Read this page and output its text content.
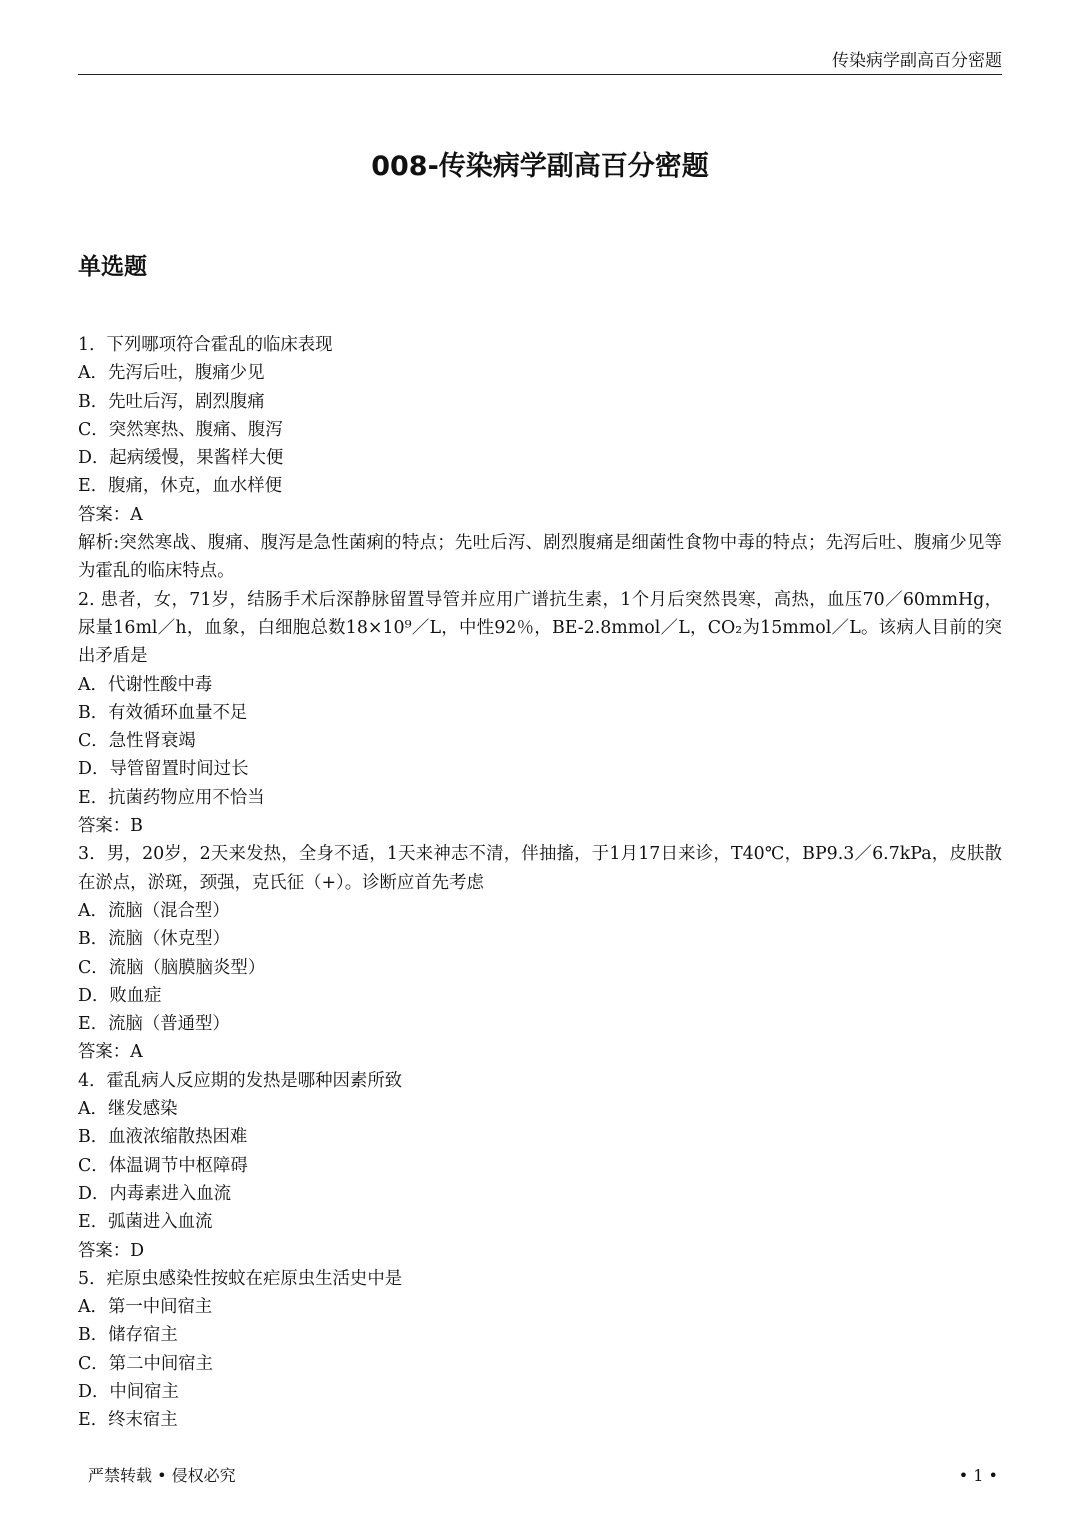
传染病学副高百分密题
008-传染病学副高百分密题
单选题

1．下列哪项符合霍乱的临床表现

A．先泻后吐，腹痛少见

B．先吐后泻，剧烈腹痛

C．突然寒热、腹痛、腹泻

D．起病缓慢，果酱样大便

E．腹痛，休克，血水样便

答案：A

解析:突然寒战、腹痛、腹泻是急性菌痢的特点；先吐后泻、剧烈腹痛是细菌性食物中毒的特点；先泻后吐、腹痛少见等为霍乱的临床特点。

2. 患者，女，71岁，结肠手术后深静脉留置导管并应用广谱抗生素，1个月后突然畏寒，高热，血压70／60mmHg，尿量16ml／h，血象，白细胞总数18×10⁹／L，中性92％，BE-2.8mmol／L，CO₂为15mmol／L。该病人目前的突出矛盾是

A．代谢性酸中毒

B．有效循环血量不足

C．急性肾衰竭

D．导管留置时间过长

E．抗菌药物应用不恰当

答案：B

3．男，20岁，2天来发热，全身不适，1天来神志不清，伴抽搐，于1月17日来诊，T40℃，BP9.3／6.7kPa，皮肤散在淤点，淤斑，颈强，克氏征（+）。诊断应首先考虑

A．流脑（混合型）

B．流脑（休克型）

C．流脑（脑膜脑炎型）

D．败血症

E．流脑（普通型）

答案：A

4．霍乱病人反应期的发热是哪种因素所致

A．继发感染

B．血液浓缩散热困难

C．体温调节中枢障碍

D．内毒素进入血流

E．弧菌进入血流

答案：D

5．疟原虫感染性按蚊在疟原虫生活史中是

A．第一中间宿主

B．储存宿主

C．第二中间宿主

D．中间宿主

E．终末宿主

严禁转载 • 侵权必究	• 1 •
